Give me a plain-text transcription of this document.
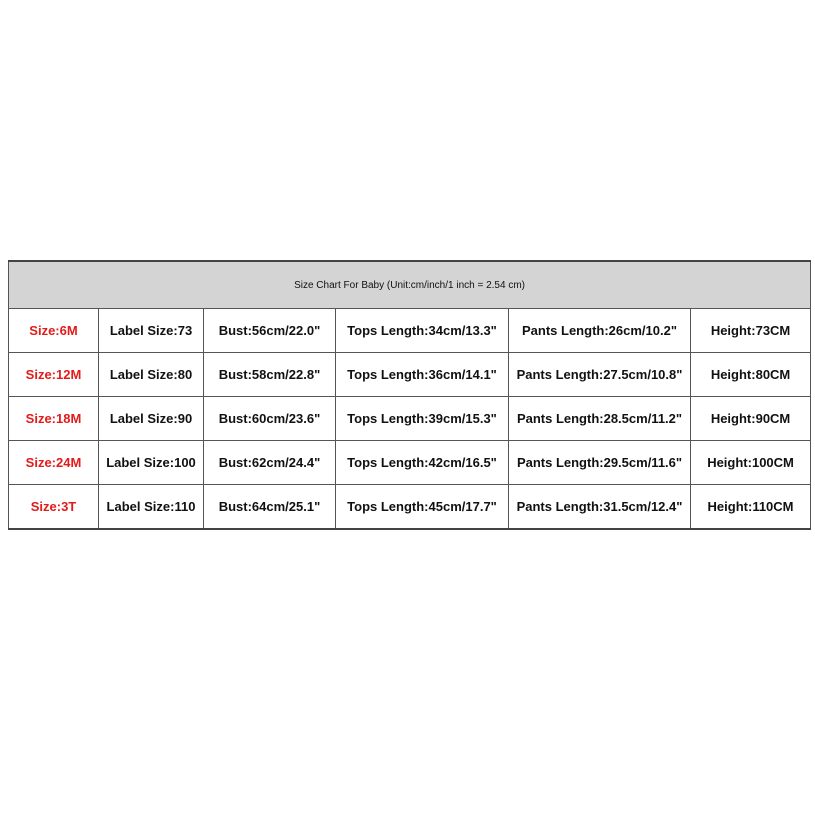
Size Chart For Baby (Unit:cm/inch/1 inch = 2.54 cm)					
Size:6M	Label Size:73	Bust:56cm/22.0"	Tops Length:34cm/13.3"	Pants Length:26cm/10.2"	Height:73CM
Size:12M	Label Size:80	Bust:58cm/22.8"	Tops Length:36cm/14.1"	Pants Length:27.5cm/10.8"	Height:80CM
Size:18M	Label Size:90	Bust:60cm/23.6"	Tops Length:39cm/15.3"	Pants Length:28.5cm/11.2"	Height:90CM
Size:24M	Label Size:100	Bust:62cm/24.4"	Tops Length:42cm/16.5"	Pants Length:29.5cm/11.6"	Height:100CM
Size:3T	Label Size:110	Bust:64cm/25.1"	Tops Length:45cm/17.7"	Pants Length:31.5cm/12.4"	Height:110CM
